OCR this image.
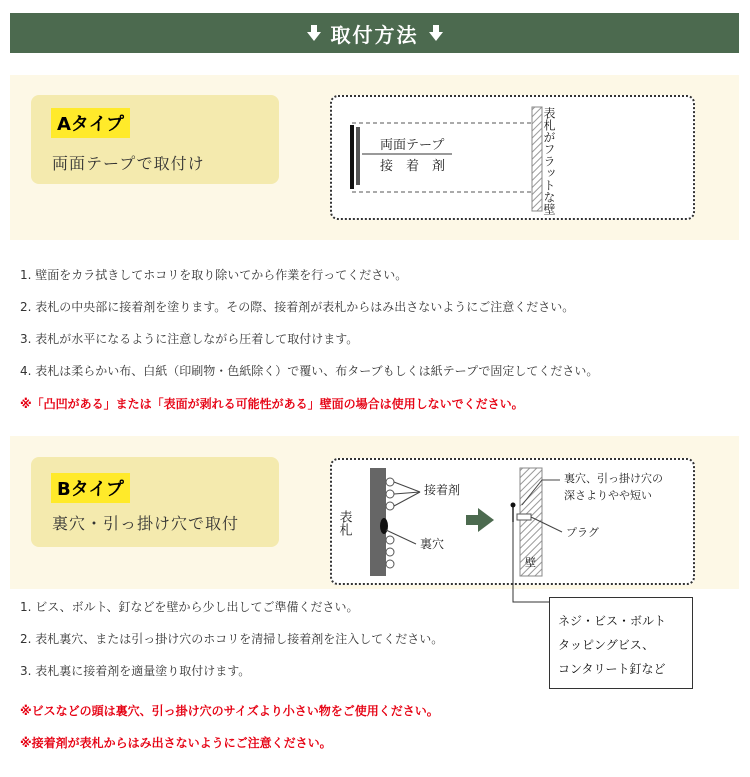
取付方法
Aタイプ
両面テープで取付け
両面テープ
接　着　剤	表札がフラットな壁
1. 壁面をカラ拭きしてホコリを取り除いてから作業を行ってください。
2. 表札の中央部に接着剤を塗ります。その際、接着剤が表札からはみ出さないようにご注意ください。
3. 表札が水平になるように注意しながら圧着して取付けます。
4. 表札は柔らかい布、白紙（印刷物・色紙除く）で覆い、布ターブもしくは紙テープで固定してください。
※「凸凹がある」または「表面が剥れる可能性がある」壁面の場合は使用しないでください。
Bタイプ
裏穴・引っ掛け穴で取付	表札
接着剤
裏穴
壁
裏穴、引っ掛け穴の
深さよりやや短い
プラグ
ネジ・ビス・ボルト
タッピングビス、
コンタリート釘など
1. ビス、ボルト、釘などを壁から少し出してご準備ください。
2. 表札裏穴、または引っ掛け穴のホコリを清掃し接着剤を注入してください。
3. 表札裏に接着剤を適量塗り取付けます。
※ビスなどの頭は裏穴、引っ掛け穴のサイズより小さい物をご使用ください。
※接着剤が表札からはみ出さないようにご注意ください。
